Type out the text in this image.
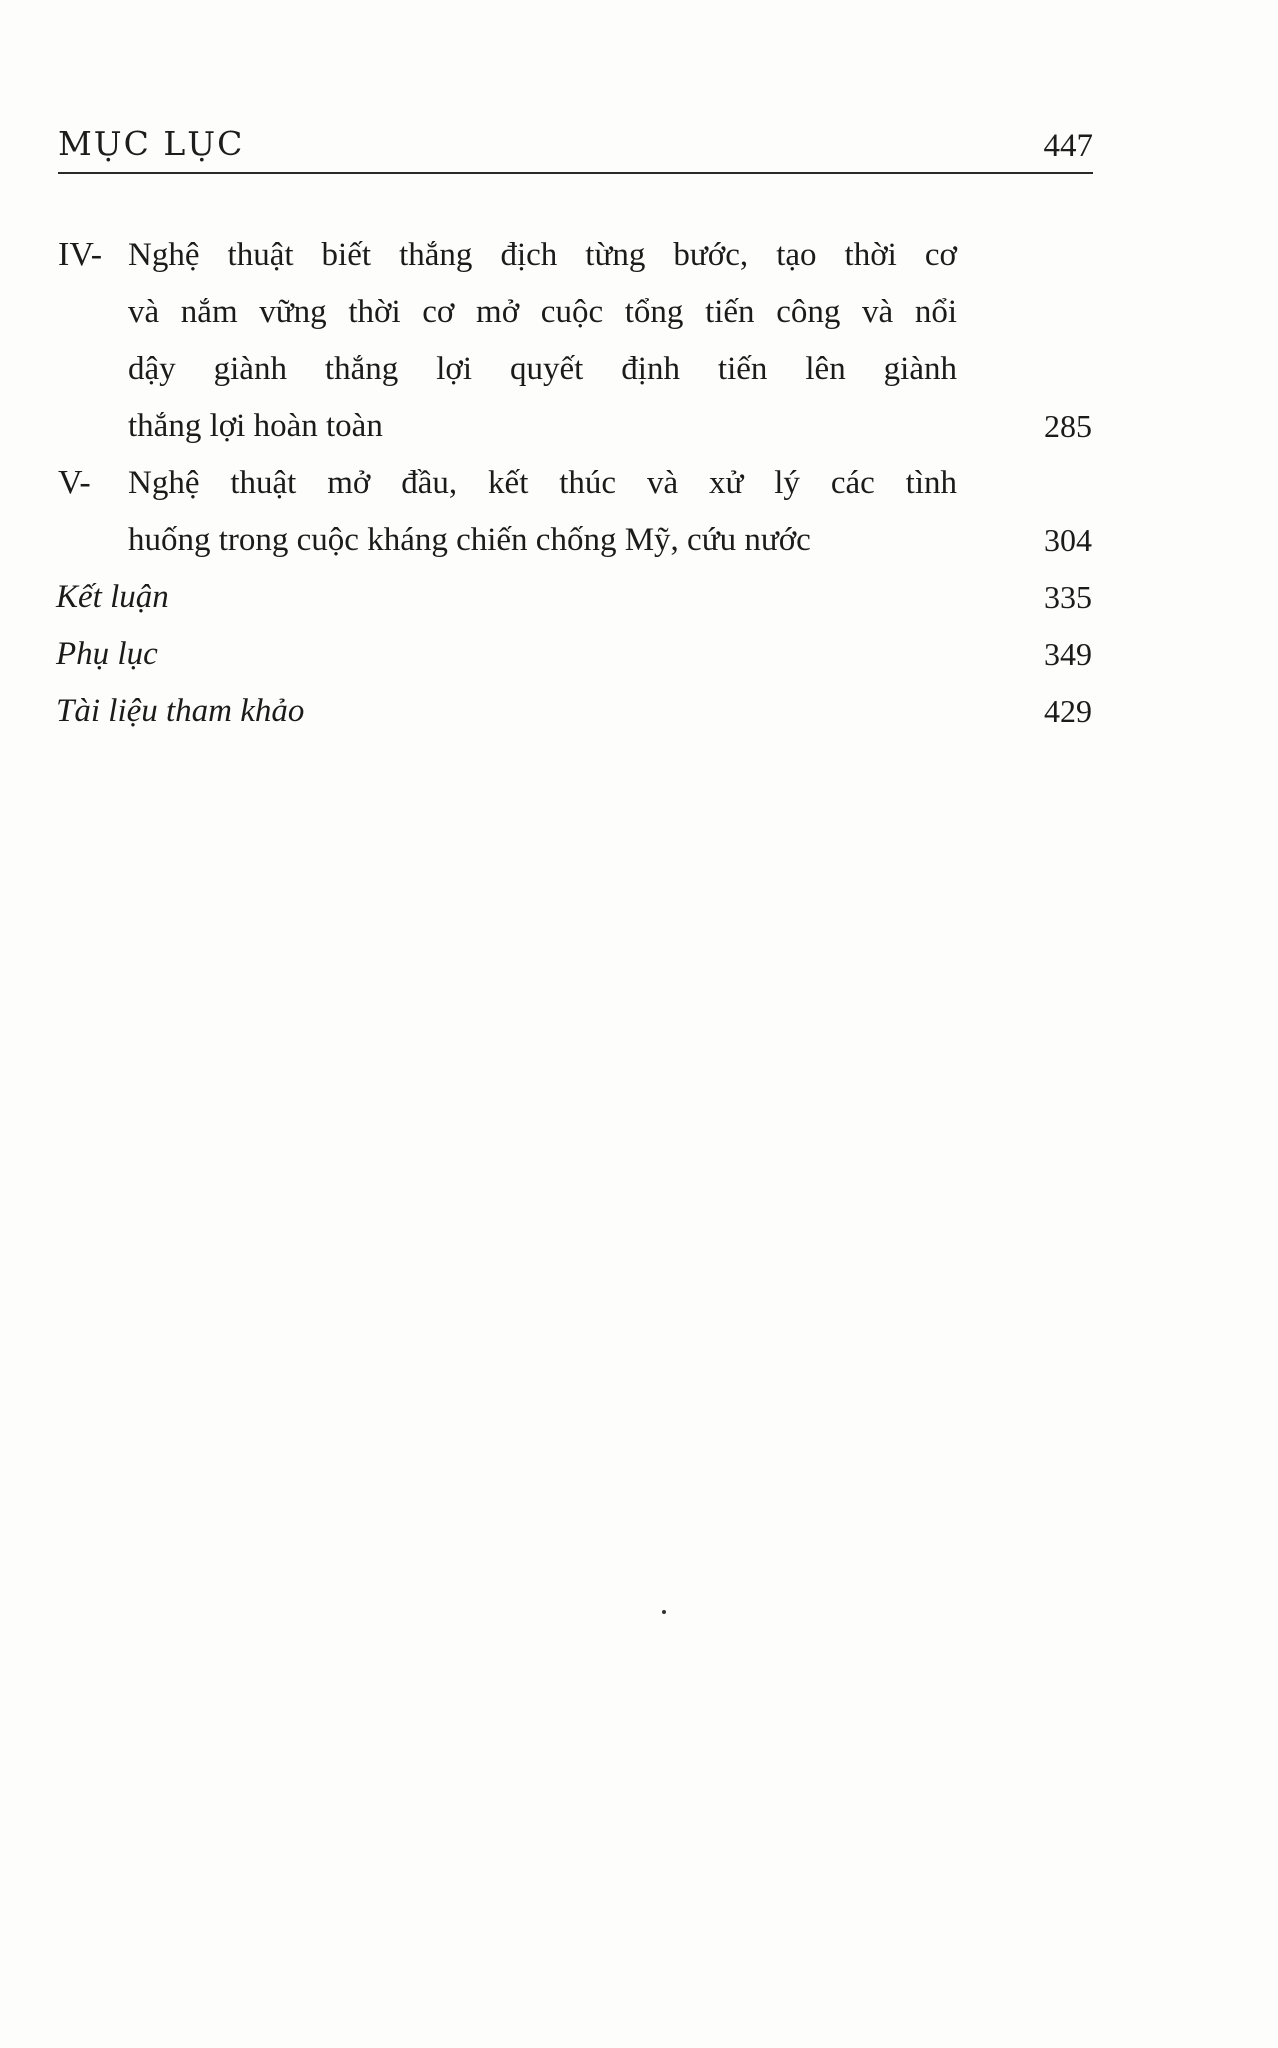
MỤC LỤC	447
IV- Nghệ thuật biết thắng địch từng bước, tạo thời cơ
và nắm vững thời cơ mở cuộc tổng tiến công và nổi
dậy giành thắng lợi quyết định tiến lên giành
thắng lợi hoàn toàn	285
V- Nghệ thuật mở đầu, kết thúc và xử lý các tình
huống trong cuộc kháng chiến chống Mỹ, cứu nước	304
Kết luận	335
Phụ lục	349
Tài liệu tham khảo	429
